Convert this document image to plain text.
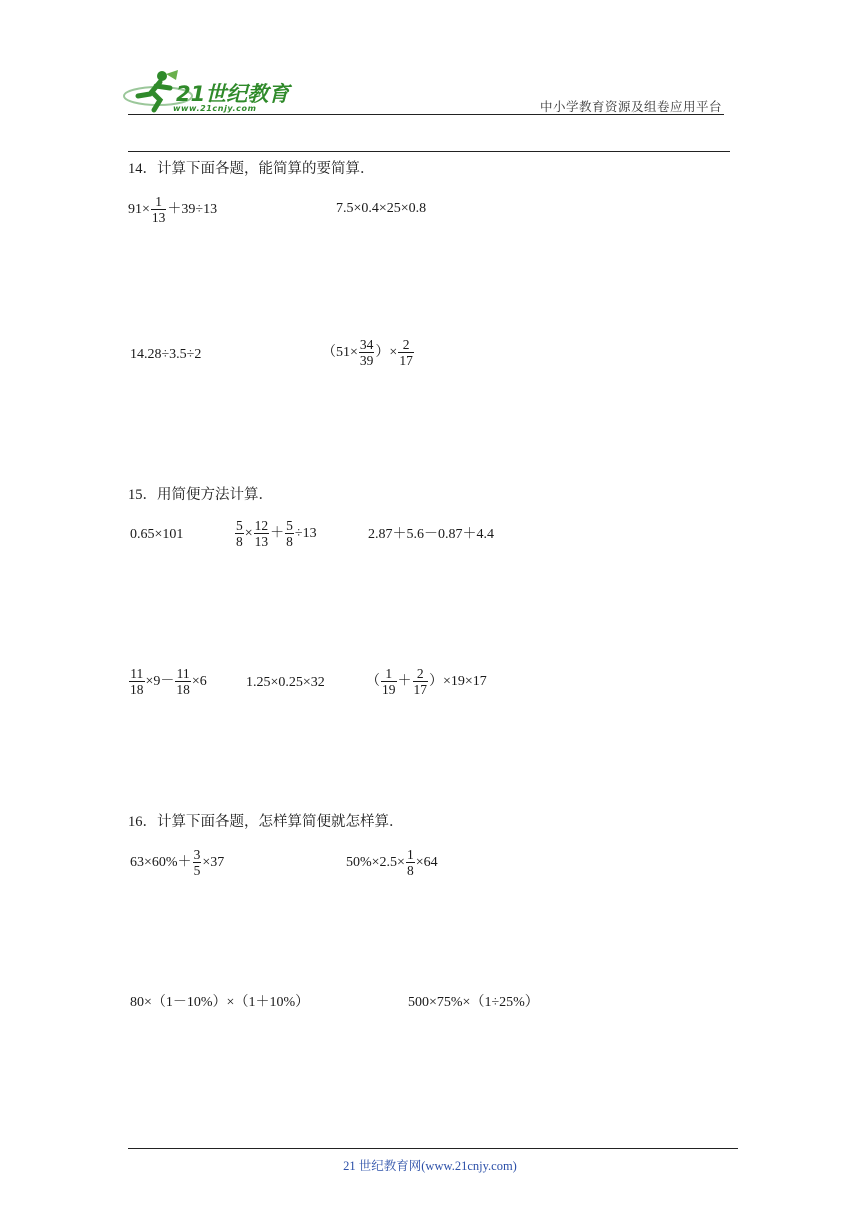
21世纪教育
www.21cnjy.com	中小学教育资源及组卷应用平台
14．计算下面各题，能简算的要简算．
$91\times \frac{1}{13} +39\div 13$	7.5×0.4×25×0.8
14.28÷3.5÷2	（$51\times \frac{34}{39}$ ）× $\frac{2}{17}$
15．用简便方法计算．
0.65×101	$\frac{5}{8} \times \frac{12}{13} + \frac{5}{8} \div 13$	2.87＋5.6－0.87＋4.4
$\frac{11}{18} \times 9- \frac{11}{18} \times 6$	1.25×0.25×32	（ $\frac{1}{19} + \frac{2}{17} )\times 19\times 17$
16．计算下面各题，怎样算简便就怎样算．
$63\times 60\%+ \frac{3}{5} \times 37$	$50\%\times 2.5\times \frac{1}{8} \times 64$
80×（1－10%）×（1＋10%）	500×75%×（1÷25%）
21 世纪教育网(www.21cnjy.com)
